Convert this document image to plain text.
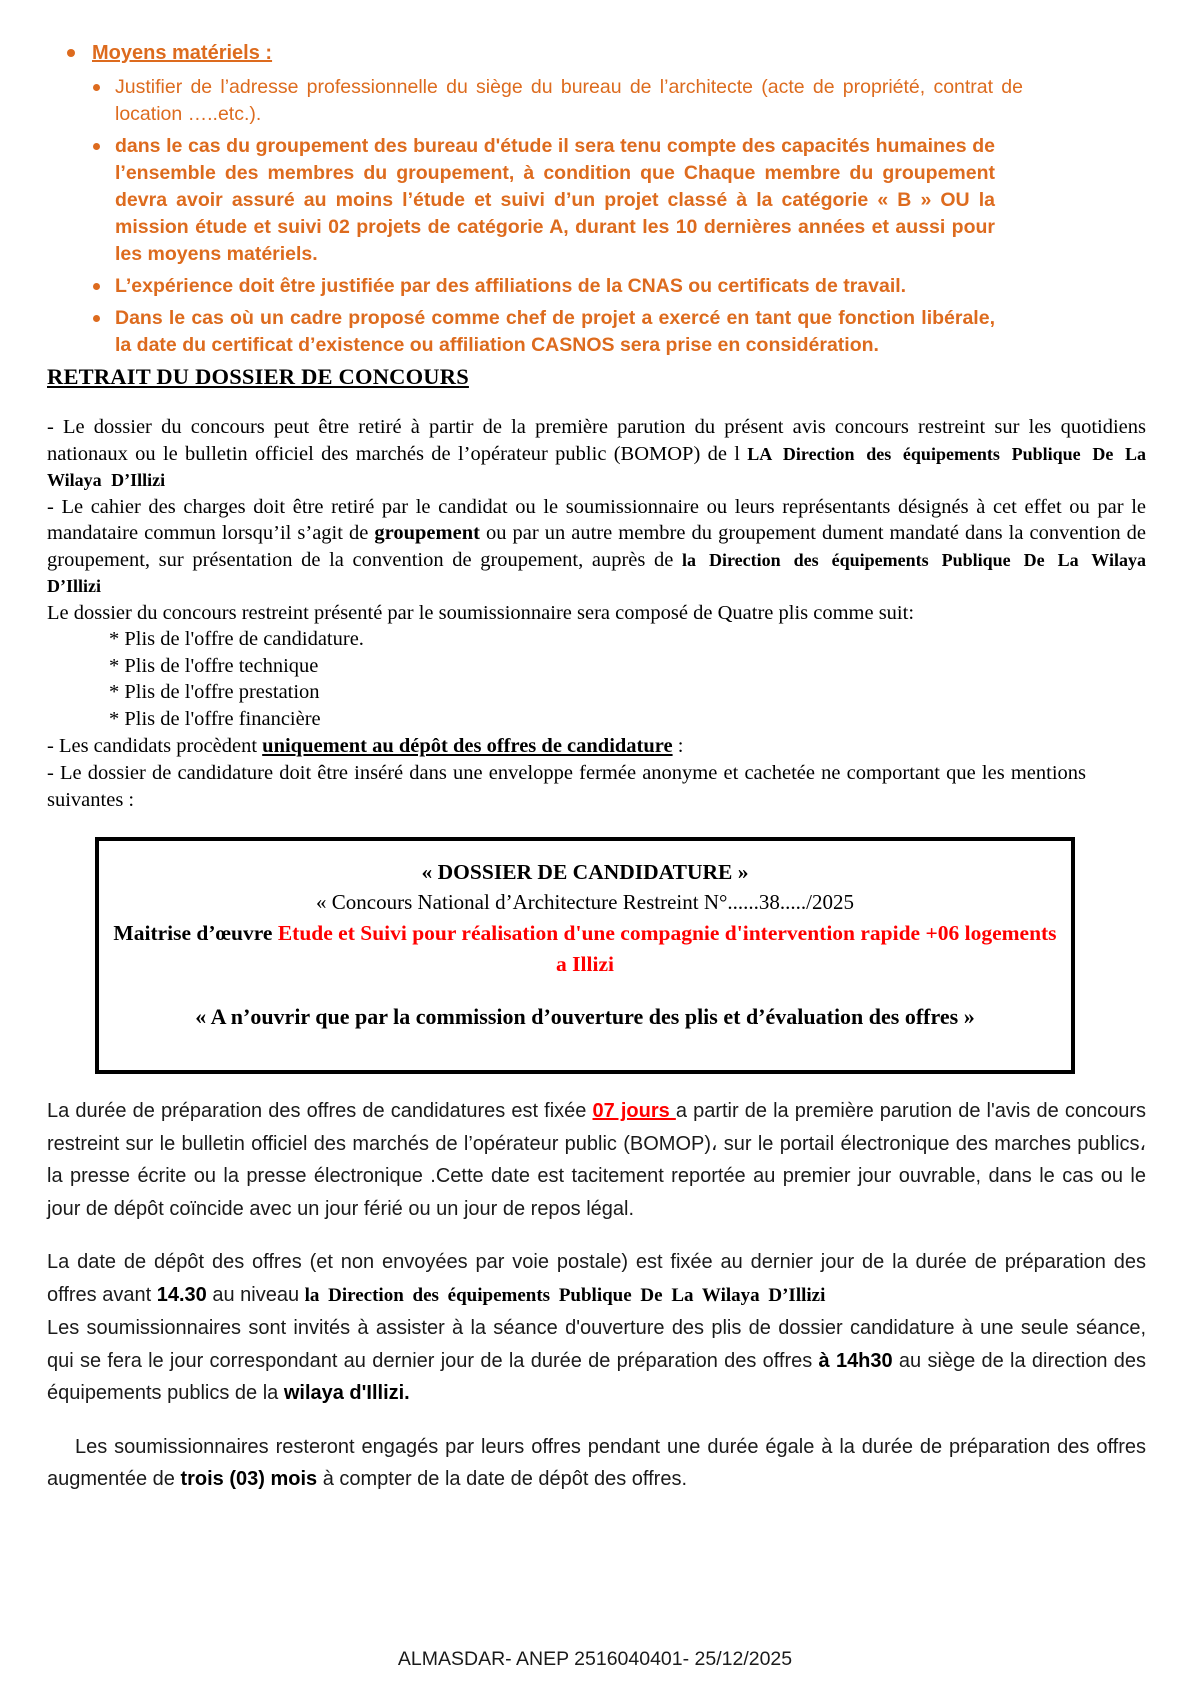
Moyens matériels :
Justifier de l’adresse professionnelle du siège du bureau de l’architecte (acte de propriété, contrat de location …..etc.).
dans le cas du groupement des bureau d'étude il sera tenu compte des capacités humaines de l’ensemble des membres du groupement, à condition que Chaque membre du groupement devra avoir assuré au moins l’étude et suivi d’un projet classé à la catégorie « B » OU la mission étude et suivi 02 projets de catégorie A, durant les 10 dernières années et aussi pour les moyens matériels.
L’expérience doit être justifiée par des affiliations de la CNAS ou certificats de travail.
Dans le cas où un cadre proposé comme chef de projet a exercé en tant que fonction libérale, la date du certificat d’existence ou affiliation CASNOS sera prise en considération.
RETRAIT DU DOSSIER DE CONCOURS

- Le dossier du concours peut être retiré à partir de la première parution du présent avis concours restreint sur les quotidiens nationaux ou le bulletin officiel des marchés de l’opérateur public (BOMOP) de l LA Direction des équipements Publique De La Wilaya D’Illizi
- Le cahier des charges doit être retiré par le candidat ou le soumissionnaire ou leurs représentants désignés à cet effet ou par le mandataire commun lorsqu’il s’agit de groupement ou par un autre membre du groupement dument mandaté dans la convention de groupement, sur présentation de la convention de groupement, auprès de la Direction des équipements Publique De La Wilaya D’Illizi
Le dossier du concours restreint présenté par le soumissionnaire sera composé de Quatre plis comme suit:

* Plis de l'offre de candidature.
* Plis de l'offre technique
* Plis de l'offre prestation
* Plis de l'offre financière

- Les candidats procèdent uniquement au dépôt des offres de candidature :

- Le dossier de candidature doit être inséré dans une enveloppe fermée anonyme et cachetée ne comportant que les mentions suivantes :

« DOSSIER DE CANDIDATURE »
« Concours National d’Architecture Restreint N°......38...../2025
Maitrise d’œuvre Etude et Suivi pour réalisation d'une compagnie d'intervention rapide +06 logements a Illizi
« A n’ouvrir que par la commission d’ouverture des plis et d’évaluation des offres »

La durée de préparation des offres de candidatures est fixée 07 jours a partir de la première parution de l'avis de concours restreint sur le bulletin officiel des marchés de l’opérateur public (BOMOP)، sur le portail électronique des marches publics، la presse écrite ou la presse électronique .Cette date est tacitement reportée au premier jour ouvrable, dans le cas ou le jour de dépôt coïncide avec un jour férié ou un jour de repos légal.

La date de dépôt des offres (et non envoyées par voie postale) est fixée au dernier jour de la durée de préparation des offres avant 14.30 au niveau la Direction des équipements Publique De La Wilaya D’Illizi
Les soumissionnaires sont invités à assister à la séance d'ouverture des plis de dossier candidature à une seule séance, qui se fera le jour correspondant au dernier jour de la durée de préparation des offres à 14h30 au siège de la direction des équipements publics de la wilaya d'Illizi.

Les soumissionnaires resteront engagés par leurs offres pendant une durée égale à la durée de préparation des offres augmentée de trois (03) mois à compter de la date de dépôt des offres.

ALMASDAR- ANEP 2516040401- 25/12/2025
